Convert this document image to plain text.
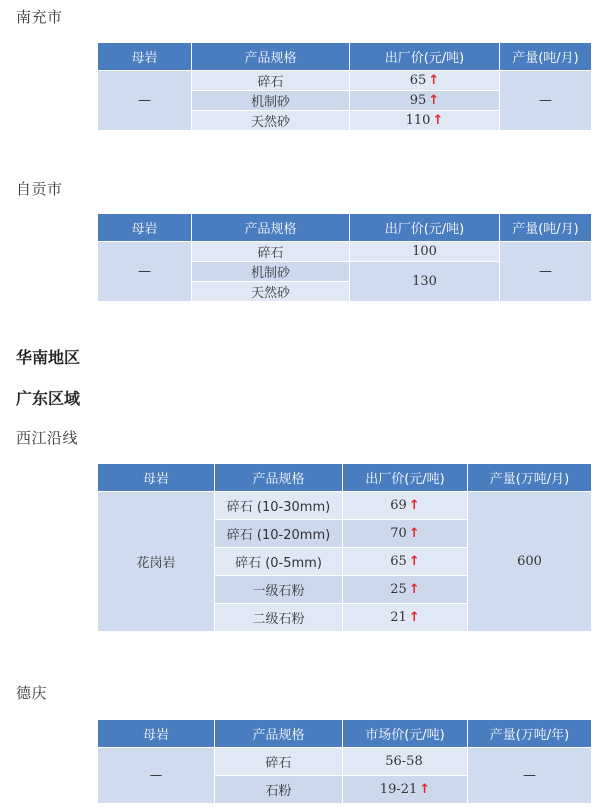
南充市
母岩	产品规格	出厂价(元/吨)	产量(吨/月)
—	碎石	65 ↑	—
	机制砂	95 ↑	
	天然砂	110 ↑	
自贡市
母岩	产品规格	出厂价(元/吨)	产量(吨/月)
—	碎石	100	—
	机制砂	130	
	天然砂		
华南地区
广东区域
西江沿线
母岩	产品规格	出厂价(元/吨)	产量(万吨/月)
花岗岩	碎石 (10-30mm)	69 ↑	600
	碎石 (10-20mm)	70 ↑	
	碎石 (0-5mm)	65 ↑	
	一级石粉	25 ↑	
	二级石粉	21 ↑	
德庆
母岩	产品规格	市场价(元/吨)	产量(万吨/年)
—	碎石	56-58	—
	石粉	19-21 ↑	
